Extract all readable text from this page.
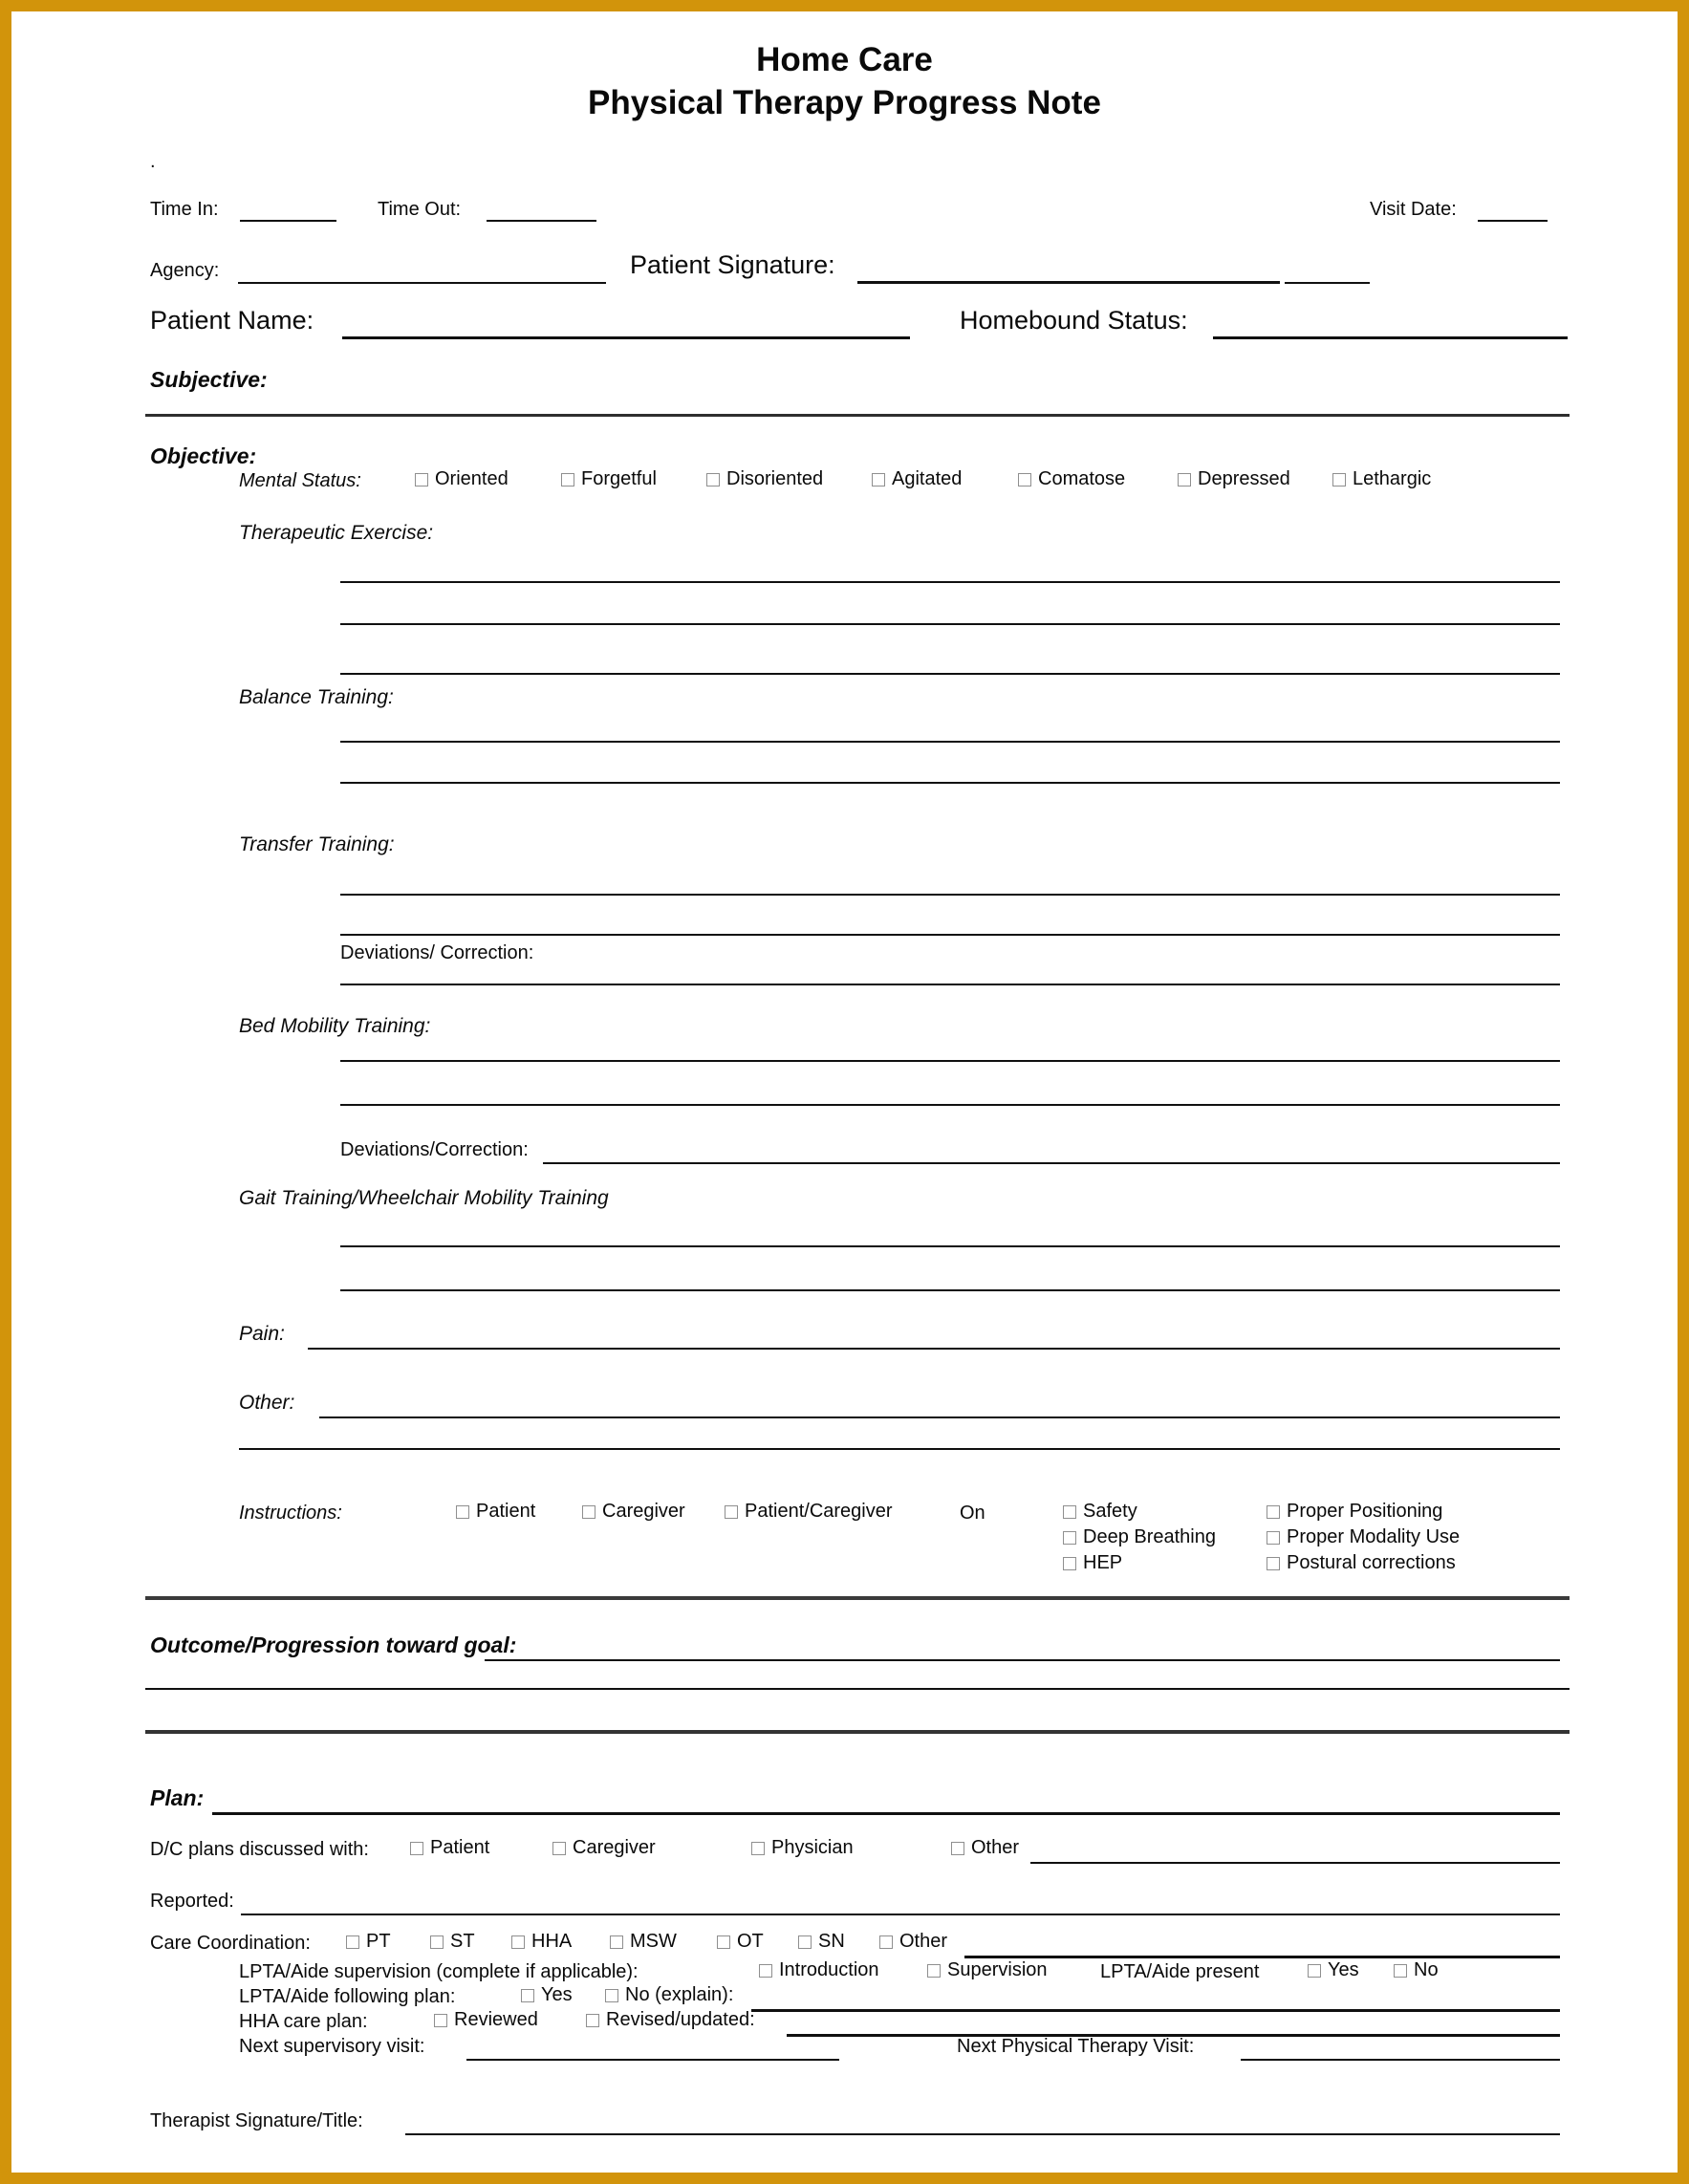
Home Care
Physical Therapy Progress Note
.
Time In:	Time Out:	Visit Date:
Agency:	Patient Signature:
Patient Name:	Homebound Status:
Subjective:
Objective:
Mental Status:	Oriented	Forgetful	Disoriented	Agitated	Comatose	Depressed	Lethargic
Therapeutic Exercise:
Balance Training:
Transfer Training:
Deviations/ Correction:
Bed Mobility Training:
Deviations/Correction:
Gait Training/Wheelchair Mobility Training
Pain:
Other:
Instructions:	Patient	Caregiver	Patient/Caregiver	On	Safety	Proper Positioning
Deep Breathing	Proper Modality Use
HEP	Postural corrections
Outcome/Progression toward goal:
Plan:
D/C plans discussed with:	Patient	Caregiver	Physician	Other
Reported:
Care Coordination:	PT	ST	HHA	MSW	OT	SN	Other
LPTA/Aide supervision (complete if applicable):	Introduction	Supervision	LPTA/Aide present	Yes	No
LPTA/Aide following plan:	Yes	No (explain):
HHA care plan:	Reviewed	Revised/updated:
Next supervisory visit:	Next Physical Therapy Visit:
Therapist Signature/Title:
